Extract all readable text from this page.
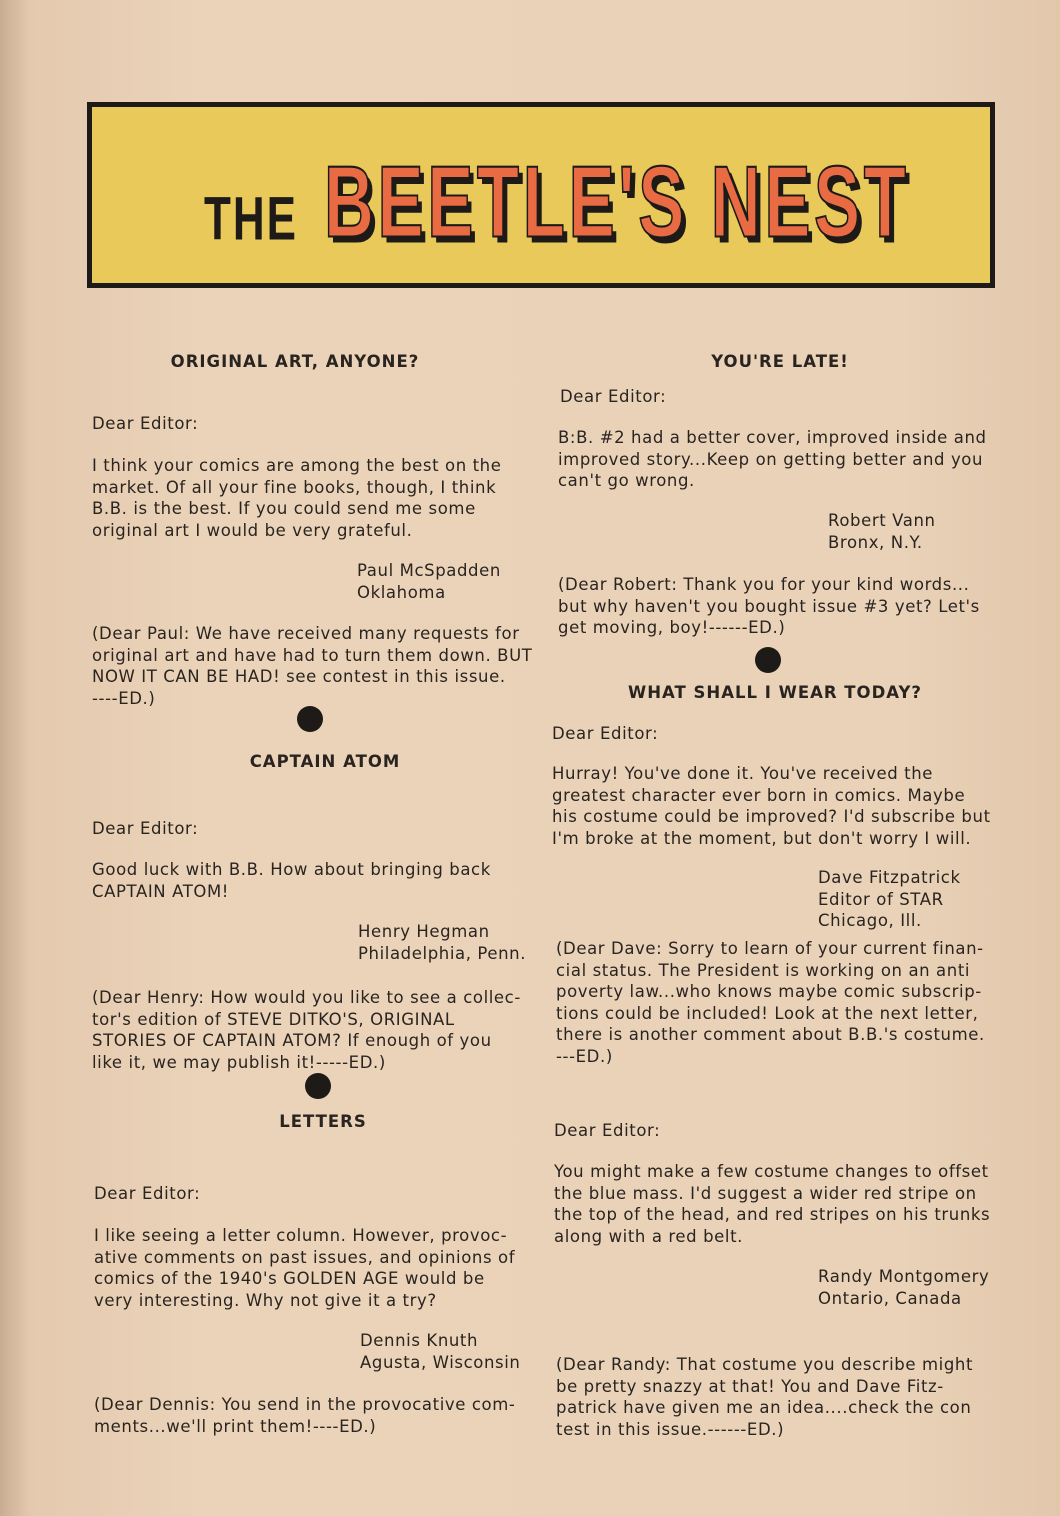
THE BEETLE'S NEST
ORIGINAL ART, ANYONE?
Dear Editor:
I think your comics are among the best on the
market. Of all your fine books, though, I think
B.B. is the best. If you could send me some
original art I would be very grateful.
Paul McSpadden
Oklahoma
(Dear Paul: We have received many requests for
original art and have had to turn them down. BUT
NOW IT CAN BE HAD! see contest in this issue.
----ED.)
CAPTAIN ATOM
Dear Editor:
Good luck with B.B. How about bringing back
CAPTAIN ATOM!
Henry Hegman
Philadelphia, Penn.
(Dear Henry: How would you like to see a collec-
tor's edition of STEVE DITKO'S, ORIGINAL
STORIES OF CAPTAIN ATOM? If enough of you
like it, we may publish it!-----ED.)
LETTERS
Dear Editor:
I like seeing a letter column. However, provoc-
ative comments on past issues, and opinions of
comics of the 1940's GOLDEN AGE would be
very interesting. Why not give it a try?
Dennis Knuth
Agusta, Wisconsin
(Dear Dennis: You send in the provocative com-
ments...we'll print them!----ED.)
YOU'RE LATE!
Dear Editor:
B:B. #2 had a better cover, improved inside and
improved story...Keep on getting better and you
can't go wrong.
Robert Vann
Bronx, N.Y.
(Dear Robert: Thank you for your kind words...
but why haven't you bought issue #3 yet? Let's
get moving, boy!------ED.)
WHAT SHALL I WEAR TODAY?
Dear Editor:
Hurray! You've done it. You've received the
greatest character ever born in comics. Maybe
his costume could be improved? I'd subscribe but
I'm broke at the moment, but don't worry I will.
Dave Fitzpatrick
Editor of STAR
Chicago, Ill.
(Dear Dave: Sorry to learn of your current finan-
cial status. The President is working on an anti
poverty law...who knows maybe comic subscrip-
tions could be included! Look at the next letter,
there is another comment about B.B.'s costume.
---ED.)
Dear Editor:
You might make a few costume changes to offset
the blue mass. I'd suggest a wider red stripe on
the top of the head, and red stripes on his trunks
along with a red belt.
Randy Montgomery
Ontario, Canada
(Dear Randy: That costume you describe might
be pretty snazzy at that! You and Dave Fitz-
patrick have given me an idea....check the con
test in this issue.------ED.)
